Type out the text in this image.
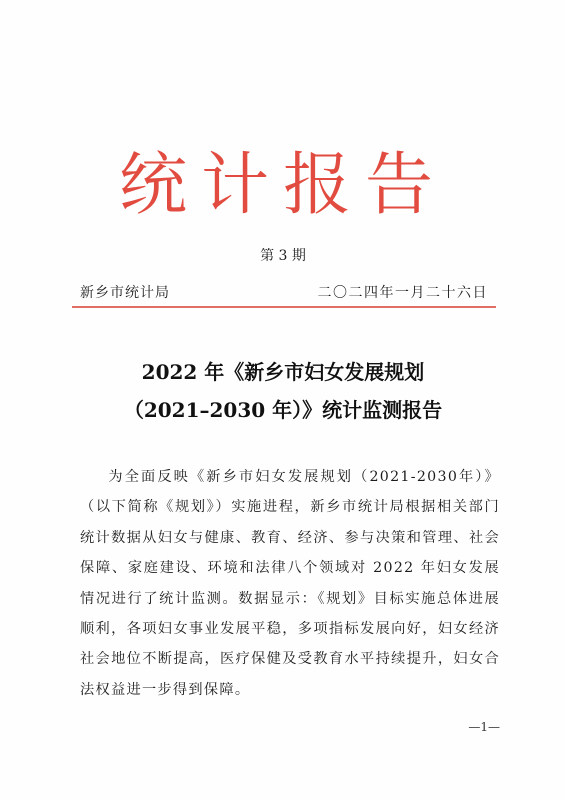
统计报告
第 3 期
新乡市统计局	二〇二四年一月二十六日
2022 年《新乡市妇女发展规划
（2021–2030 年）》统计监测报告

为全面反映《新乡市妇女发展规划（2021-2030年）》（以下简称《规划》）实施进程，新乡市统计局根据相关部门统计数据从妇女与健康、教育、经济、参与决策和管理、社会保障、家庭建设、环境和法律八个领域对 2022 年妇女发展情况进行了统计监测。数据显示：《规划》目标实施总体进展顺利，各项妇女事业发展平稳，多项指标发展向好，妇女经济社会地位不断提高，医疗保健及受教育水平持续提升，妇女合法权益进一步得到保障。

—1—
